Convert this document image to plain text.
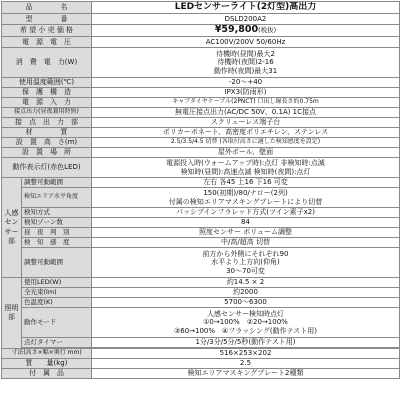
品　　　　名		LEDセンサーライト(2灯型)高出力
型　　　　番		DSLD200A2
希 望 小 売 価 格		¥59,800(税抜)
電　源　電　圧		AC100V/200V 50/60Hz
消　費　電　力(W)		待機時(昼間)最大2
待機時(夜間)2-16
動作時(夜間)最大31

使用温度範囲(℃)		-20～+40
保　護　構　造		IPX3(防雨形)
電　源　入　力		キャブタイヤケーブル(2PNCT) 口出し線長さ約0.75m
接点出力(昼夜兼用時無)		無電圧接点出力(AC/DC 50V、0.1A) 1C接点
接　点　出　力　部		スクリューレス端子台
材　　　　質		ポリカーボネート、高密度ポリエチレン、ステンレス
設　置　高　さ(m)		2.5/3.5/4.5 切替 (各取付高さに適した検知感度を設定)
設　置　場　所		屋外ポール、壁面
動作表示灯(赤色LED)		電源投入時(ウォームアップ時):点灯 非検知時:点滅
検知時(昼間):高速点滅 検知時(夜間):点灯

人感センサー部	調整可動範囲	左右 各45 上16 下16 可変
	検知エリア水平角度	150(初期)/80/ナロー(2列)
付属の検知エリアマスキングプレートにより切替

	検知方式	パッシブインフラレッド方式(ツイン素子x2)
	検知ゾーン数	84
	昼　夜　判　別	照度センサー ボリューム調整
	検　知　感　度	中/高/超高 切替
	調整可動範囲	前方から外側にそれぞれ90
水平より上方向(仰角)
30～70可変

照明部	使用LED(W)	約14.5 × 2
	全光束(lm)	約2000
	色温度(K)	5700～6300
	動作モード	人感センサー検知時点灯
①0→100%　②20→100%
③60→100%　④フラッシング(動作テスト用)

	点灯タイマー	1分/3分/5分/5秒(動作テスト用)

寸法(高さ×幅×奥行 mm)		516×253×202
質　　量(kg)		2.5
付　属　品		検知エリアマスキングプレート2種類
